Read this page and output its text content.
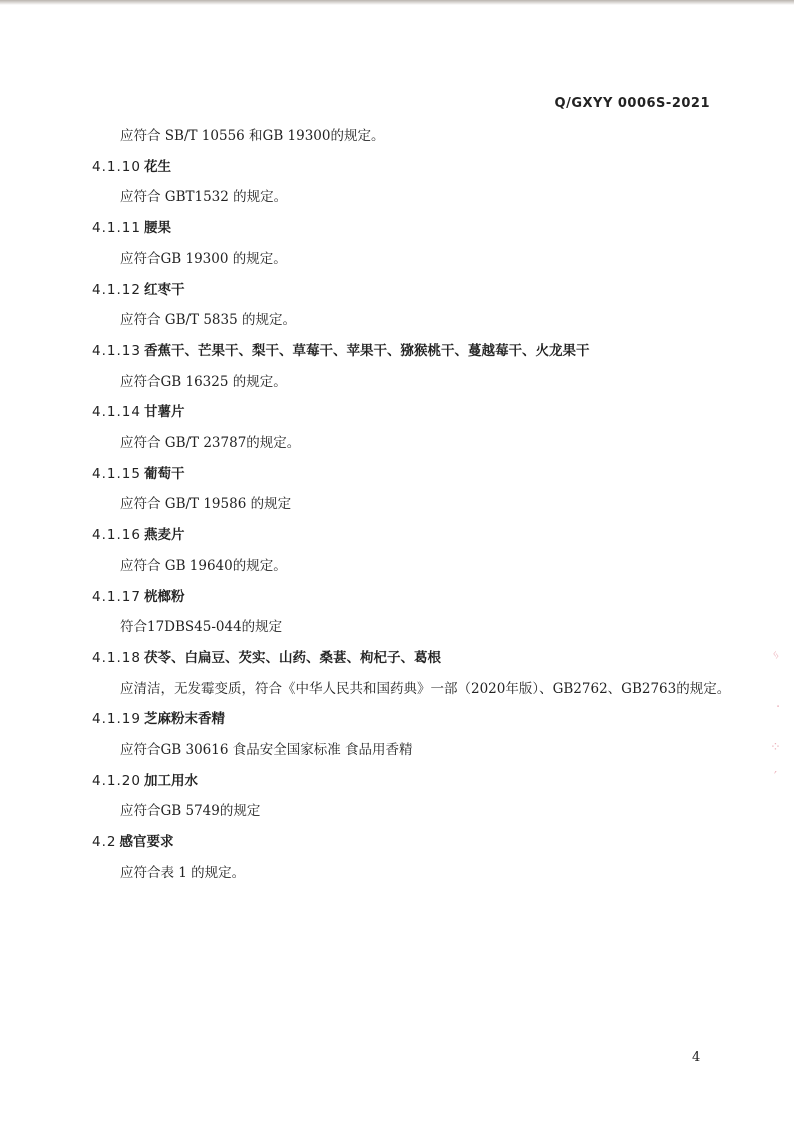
Q/GXYY 0006S-2021
应符合 SB/T 10556 和GB 19300的规定。
4.1.10 花生
应符合 GBT1532 的规定。
4.1.11 腰果
应符合GB 19300 的规定。
4.1.12 红枣干
应符合 GB/T 5835 的规定。
4.1.13 香蕉干、芒果干、梨干、草莓干、苹果干、猕猴桃干、蔓越莓干、火龙果干
应符合GB 16325 的规定。
4.1.14 甘薯片
应符合 GB/T 23787的规定。
4.1.15 葡萄干
应符合 GB/T 19586 的规定
4.1.16 燕麦片
应符合 GB 19640的规定。
4.1.17 桄榔粉
符合17DBS45-044的规定
4.1.18 茯苓、白扁豆、芡实、山药、桑葚、枸杞子、葛根
应清洁，无发霉变质，符合《中华人民共和国药典》一部（2020年版）、GB2762、GB2763的规定。
4.1.19 芝麻粉末香精
应符合GB 30616 食品安全国家标准 食品用香精
4.1.20 加工用水
应符合GB 5749的规定
4.2 感官要求
应符合表 1 的规定。
4
ᛃ
·
⁘
′
